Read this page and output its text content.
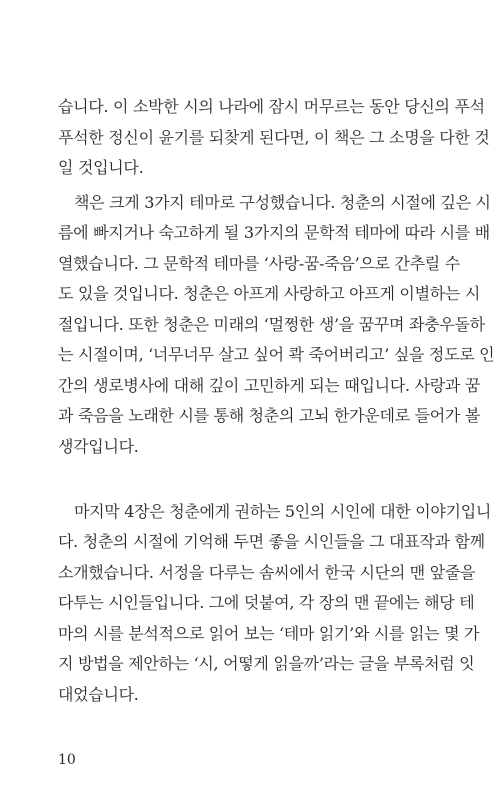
습니다. 이 소박한 시의 나라에 잠시 머무르는 동안 당신의 푸석
푸석한 정신이 윤기를 되찾게 된다면, 이 책은 그 소명을 다한 것
일 것입니다.
책은 크게 3가지 테마로 구성했습니다. 청춘의 시절에 깊은 시
름에 빠지거나 숙고하게 될 3가지의 문학적 테마에 따라 시를 배
열했습니다. 그 문학적 테마를 ‘사랑-꿈-죽음’으로 간추릴 수
도 있을 것입니다. 청춘은 아프게 사랑하고 아프게 이별하는 시
절입니다. 또한 청춘은 미래의 ‘멀쩡한 생’을 꿈꾸며 좌충우돌하
는 시절이며, ‘너무너무 살고 싶어 콱 죽어버리고’ 싶을 정도로 인
간의 생로병사에 대해 깊이 고민하게 되는 때입니다. 사랑과 꿈
과 죽음을 노래한 시를 통해 청춘의 고뇌 한가운데로 들어가 볼
생각입니다.
마지막 4장은 청춘에게 권하는 5인의 시인에 대한 이야기입니
다. 청춘의 시절에 기억해 두면 좋을 시인들을 그 대표작과 함께
소개했습니다. 서정을 다루는 솜씨에서 한국 시단의 맨 앞줄을
다투는 시인들입니다. 그에 덧붙여, 각 장의 맨 끝에는 해당 테
마의 시를 분석적으로 읽어 보는 ‘테마 읽기’와 시를 읽는 몇 가
지 방법을 제안하는 ‘시, 어떻게 읽을까’라는 글을 부록처럼 잇
대었습니다.
10
